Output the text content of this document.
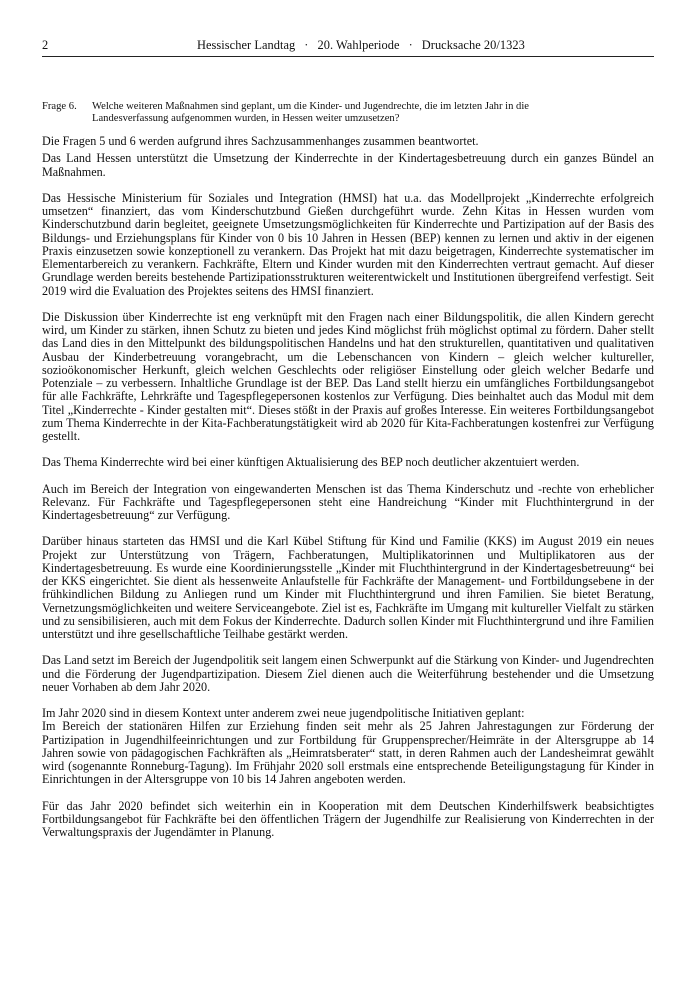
2	Hessischer Landtag · 20. Wahlperiode · Drucksache 20/1323
Frage 6.	Welche weiteren Maßnahmen sind geplant, um die Kinder- und Jugendrechte, die im letzten Jahr in die Landesverfassung aufgenommen wurden, in Hessen weiter umzusetzen?

Die Fragen 5 und 6 werden aufgrund ihres Sachzusammenhanges zusammen beantwortet.

Das Land Hessen unterstützt die Umsetzung der Kinderrechte in der Kindertagesbetreuung durch ein ganzes Bündel an Maßnahmen.

Das Hessische Ministerium für Soziales und Integration (HMSI) hat u.a. das Modellprojekt „Kinderrechte erfolgreich umsetzen“ finanziert, das vom Kinderschutzbund Gießen durchgeführt wurde. Zehn Kitas in Hessen wurden vom Kinderschutzbund darin begleitet, geeignete Umsetzungsmöglichkeiten für Kinderrechte und Partizipation auf der Basis des Bildungs- und Erziehungsplans für Kinder von 0 bis 10 Jahren in Hessen (BEP) kennen zu lernen und aktiv in der eigenen Praxis einzusetzen sowie konzeptionell zu verankern. Das Projekt hat mit dazu beigetragen, Kinderrechte systematischer im Elementarbereich zu verankern. Fachkräfte, Eltern und Kinder wurden mit den Kinderrechten vertraut gemacht. Auf dieser Grundlage werden bereits bestehende Partizipationsstrukturen weiterentwickelt und Institutionen übergreifend verfestigt. Seit 2019 wird die Evaluation des Projektes seitens des HMSI finanziert.

Die Diskussion über Kinderrechte ist eng verknüpft mit den Fragen nach einer Bildungspolitik, die allen Kindern gerecht wird, um Kinder zu stärken, ihnen Schutz zu bieten und jedes Kind möglichst früh möglichst optimal zu fördern. Daher stellt das Land dies in den Mittelpunkt des bildungspolitischen Handelns und hat den strukturellen, quantitativen und qualitativen Ausbau der Kinderbetreuung vorangebracht, um die Lebenschancen von Kindern – gleich welcher kultureller, sozioökonomischer Herkunft, gleich welchen Geschlechts oder religiöser Einstellung oder gleich welcher Bedarfe und Potenziale – zu verbessern. Inhaltliche Grundlage ist der BEP. Das Land stellt hierzu ein umfängliches Fortbildungsangebot für alle Fachkräfte, Lehrkräfte und Tagespflegepersonen kostenlos zur Verfügung. Dies beinhaltet auch das Modul mit dem Titel „Kinderrechte - Kinder gestalten mit“. Dieses stößt in der Praxis auf großes Interesse. Ein weiteres Fortbildungsangebot zum Thema Kinderrechte in der Kita-Fachberatungstätigkeit wird ab 2020 für Kita-Fachberatungen kostenfrei zur Verfügung gestellt.

Das Thema Kinderrechte wird bei einer künftigen Aktualisierung des BEP noch deutlicher akzentuiert werden.

Auch im Bereich der Integration von eingewanderten Menschen ist das Thema Kinderschutz und -rechte von erheblicher Relevanz. Für Fachkräfte und Tagespflegepersonen steht eine Handreichung “Kinder mit Fluchthintergrund in der Kindertagesbetreuung“ zur Verfügung.

Darüber hinaus starteten das HMSI und die Karl Kübel Stiftung für Kind und Familie (KKS) im August 2019 ein neues Projekt zur Unterstützung von Trägern, Fachberatungen, Multiplikatorinnen und Multiplikatoren aus der Kindertagesbetreuung. Es wurde eine Koordinierungsstelle „Kinder mit Fluchthintergrund in der Kindertagesbetreuung“ bei der KKS eingerichtet. Sie dient als hessenweite Anlaufstelle für Fachkräfte der Management- und Fortbildungsebene in der frühkindlichen Bildung zu Anliegen rund um Kinder mit Fluchthintergrund und ihren Familien. Sie bietet Beratung, Vernetzungsmöglichkeiten und weitere Serviceangebote. Ziel ist es, Fachkräfte im Umgang mit kultureller Vielfalt zu stärken und zu sensibilisieren, auch mit dem Fokus der Kinderrechte. Dadurch sollen Kinder mit Fluchthintergrund und ihre Familien unterstützt und ihre gesellschaftliche Teilhabe gestärkt werden.

Das Land setzt im Bereich der Jugendpolitik seit langem einen Schwerpunkt auf die Stärkung von Kinder- und Jugendrechten und die Förderung der Jugendpartizipation. Diesem Ziel dienen auch die Weiterführung bestehender und die Umsetzung neuer Vorhaben ab dem Jahr 2020.

Im Jahr 2020 sind in diesem Kontext unter anderem zwei neue jugendpolitische Initiativen geplant:

Im Bereich der stationären Hilfen zur Erziehung finden seit mehr als 25 Jahren Jahrestagungen zur Förderung der Partizipation in Jugendhilfeeinrichtungen und zur Fortbildung für Gruppensprecher/Heimräte in der Altersgruppe ab 14 Jahren sowie von pädagogischen Fachkräften als „Heimratsberater“ statt, in deren Rahmen auch der Landesheimrat gewählt wird (sogenannte Ronneburg-Tagung). Im Frühjahr 2020 soll erstmals eine entsprechende Beteiligungstagung für Kinder in Einrichtungen in der Altersgruppe von 10 bis 14 Jahren angeboten werden.

Für das Jahr 2020 befindet sich weiterhin ein in Kooperation mit dem Deutschen Kinderhilfswerk beabsichtigtes Fortbildungsangebot für Fachkräfte bei den öffentlichen Trägern der Jugendhilfe zur Realisierung von Kinderrechten in der Verwaltungspraxis der Jugendämter in Planung.
